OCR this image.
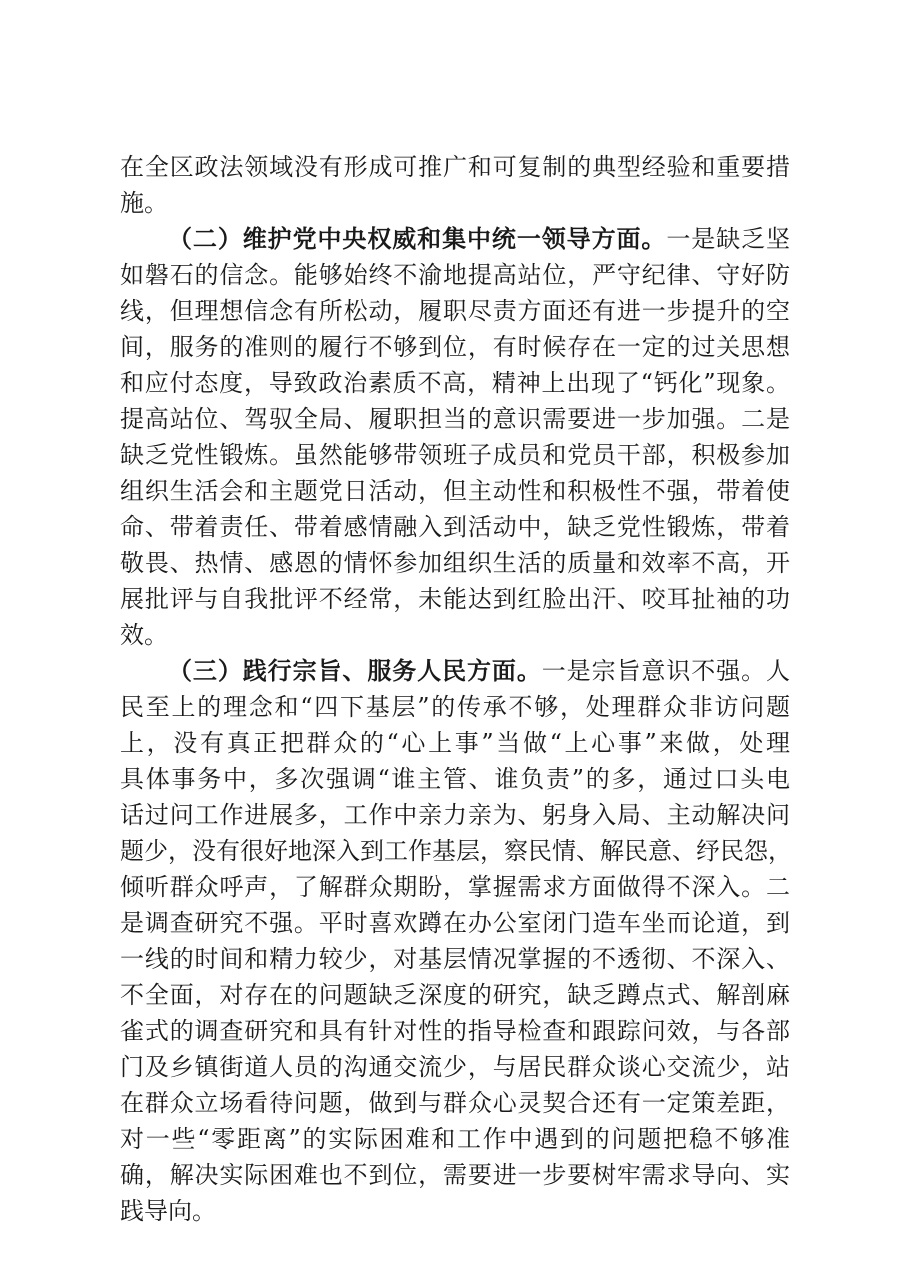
在全区政法领域没有形成可推广和可复制的典型经验和重要措
施。
（二）维护党中央权威和集中统一领导方面。一是缺乏坚
如磐石的信念。能够始终不渝地提高站位，严守纪律、守好防
线，但理想信念有所松动，履职尽责方面还有进一步提升的空
间，服务的准则的履行不够到位，有时候存在一定的过关思想
和应付态度，导致政治素质不高，精神上出现了“钙化”现象。
提高站位、驾驭全局、履职担当的意识需要进一步加强。二是
缺乏党性锻炼。虽然能够带领班子成员和党员干部，积极参加
组织生活会和主题党日活动，但主动性和积极性不强，带着使
命、带着责任、带着感情融入到活动中，缺乏党性锻炼，带着
敬畏、热情、感恩的情怀参加组织生活的质量和效率不高，开
展批评与自我批评不经常，未能达到红脸出汗、咬耳扯袖的功
效。
（三）践行宗旨、服务人民方面。一是宗旨意识不强。人
民至上的理念和“四下基层”的传承不够，处理群众非访问题
上，没有真正把群众的“心上事”当做“上心事”来做，处理
具体事务中，多次强调“谁主管、谁负责”的多，通过口头电
话过问工作进展多，工作中亲力亲为、躬身入局、主动解决问
题少，没有很好地深入到工作基层，察民情、解民意、纾民怨，
倾听群众呼声，了解群众期盼，掌握需求方面做得不深入。二
是调查研究不强。平时喜欢蹲在办公室闭门造车坐而论道，到
一线的时间和精力较少，对基层情况掌握的不透彻、不深入、
不全面，对存在的问题缺乏深度的研究，缺乏蹲点式、解剖麻
雀式的调查研究和具有针对性的指导检查和跟踪问效，与各部
门及乡镇街道人员的沟通交流少，与居民群众谈心交流少，站
在群众立场看待问题，做到与群众心灵契合还有一定策差距，
对一些“零距离”的实际困难和工作中遇到的问题把稳不够准
确，解决实际困难也不到位，需要进一步要树牢需求导向、实
践导向。
